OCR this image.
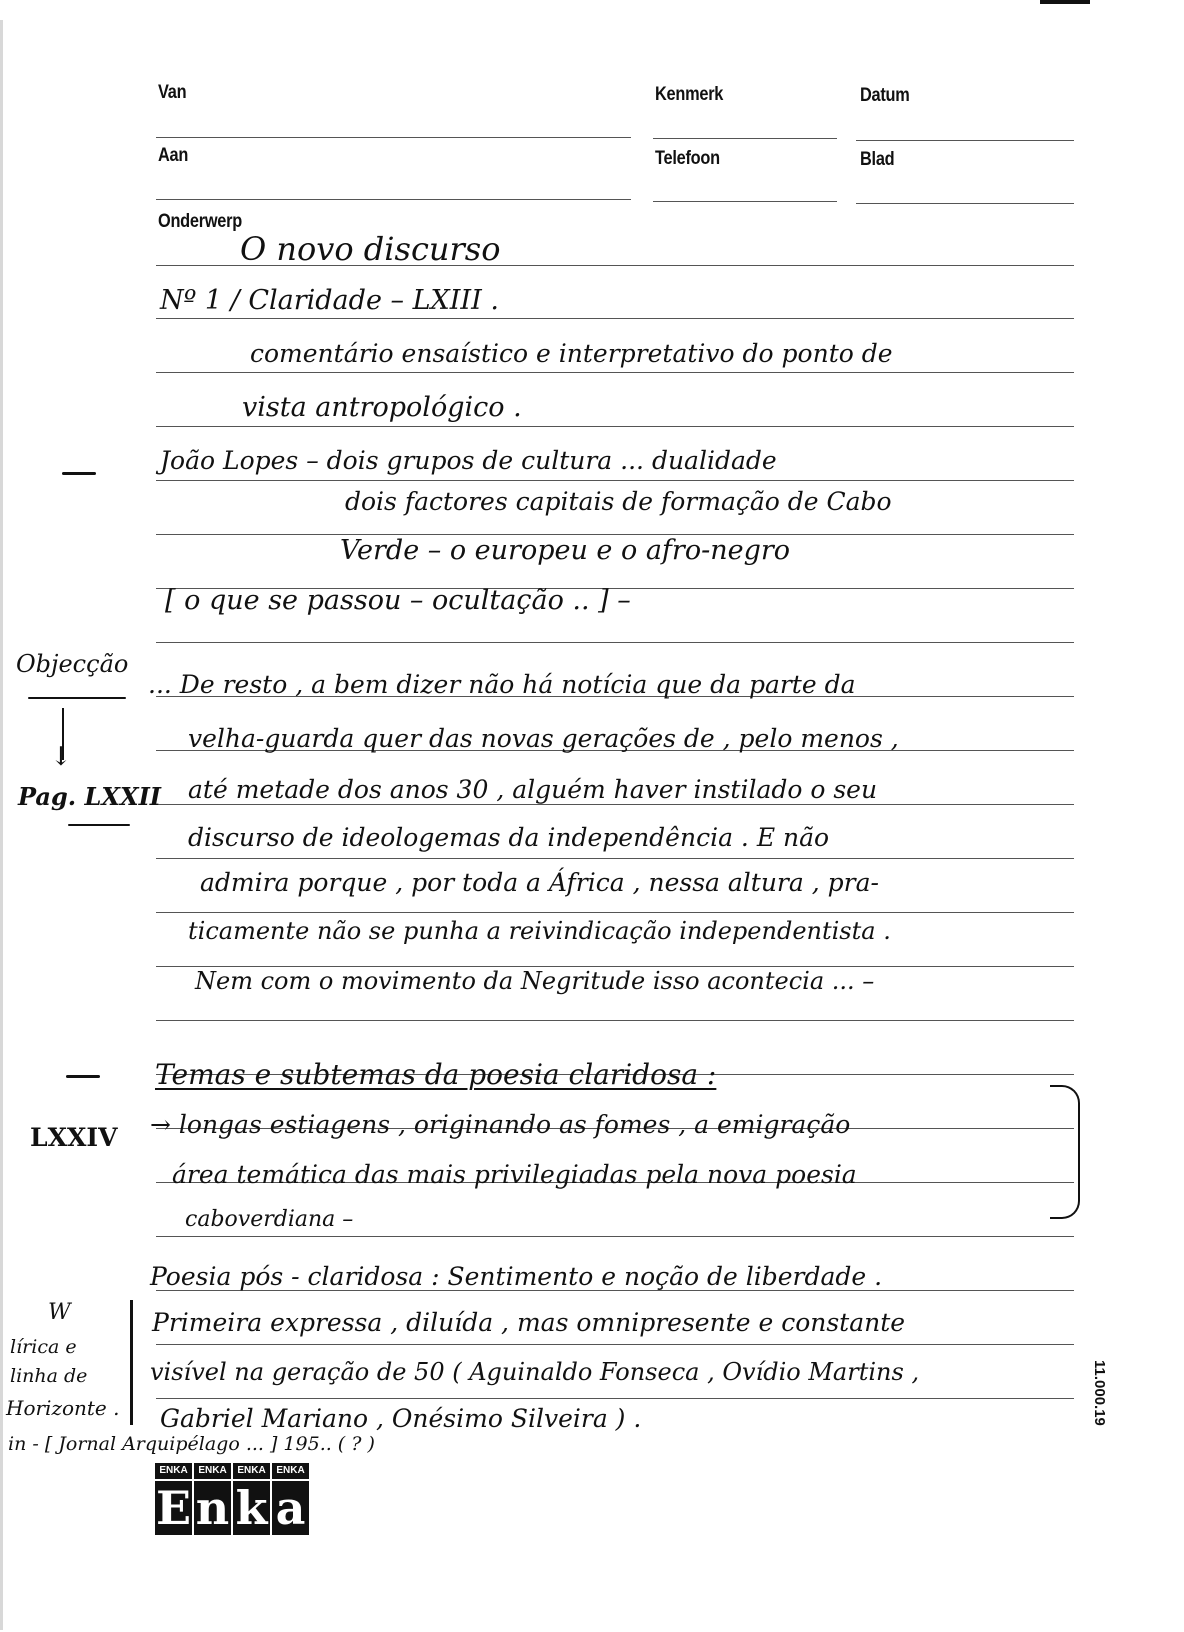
Van	Kenmerk	Datum
Aan	Telefoon	Blad
Onderwerp
O novo discurso
Nº 1 / Claridade – LXIII .
comentário ensaístico e interpretativo do ponto de
vista antropológico .
João Lopes – dois grupos de cultura ... dualidade
dois factores capitais de formação de Cabo
Verde – o europeu e o afro-negro
[ o que se passou – ocultação .. ] –
... De resto , a bem dizer não há notícia que da parte da
velha-guarda quer das novas gerações de , pelo menos ,
até metade dos anos 30 , alguém haver instilado o seu
discurso de ideologemas da independência . E não
admira porque , por toda a África , nessa altura , pra-
ticamente não se punha a reivindicação independentista .
Nem com o movimento da Negritude isso acontecia ... –
Temas e subtemas da poesia claridosa :
→ longas estiagens , originando as fomes , a emigração
área temática das mais privilegiadas pela nova poesia
caboverdiana –
Poesia pós - claridosa : Sentimento e noção de liberdade .
Primeira expressa , diluída , mas omnipresente e constante
visível na geração de 50 ( Aguinaldo Fonseca , Ovídio Martins ,
Gabriel Mariano , Onésimo Silveira ) .
Objecção
↓
Pag. LXXII
LXXIV
W
lírica e
linha de
Horizonte .
in - [ Jornal Arquipélago ... ] 195.. ( ? )
11.000.19
ENKA	ENKA	ENKA	ENKA
E n k a
